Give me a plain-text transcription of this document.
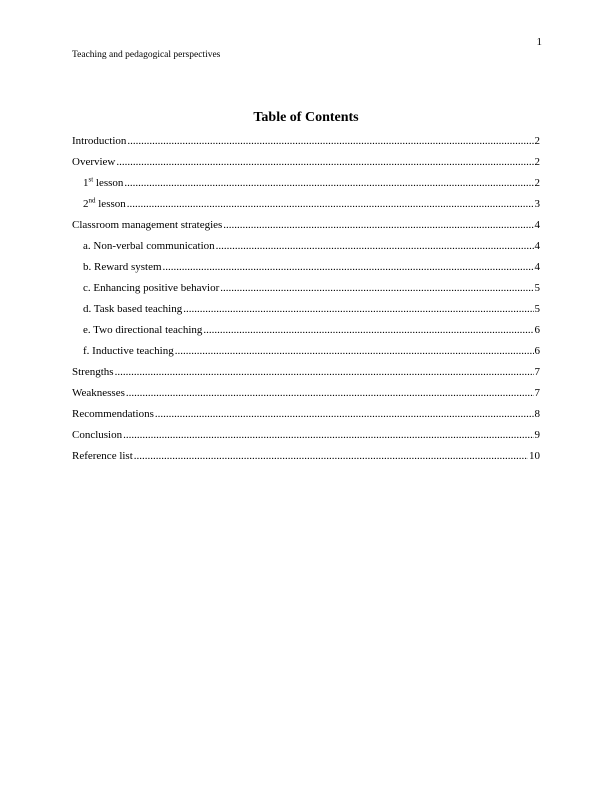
1
Teaching and pedagogical perspectives
Table of Contents
Introduction .....	2
Overview .....	2
1st lesson .....	2
2nd lesson .....	3
Classroom management strategies .....	4
a. Non-verbal communication .....	4
b. Reward system .....	4
c. Enhancing positive behavior .....	5
d. Task based teaching .....	5
e. Two directional teaching .....	6
f. Inductive teaching .....	6
Strengths .....	7
Weaknesses .....	7
Recommendations .....	8
Conclusion .....	9
Reference list .....	10
